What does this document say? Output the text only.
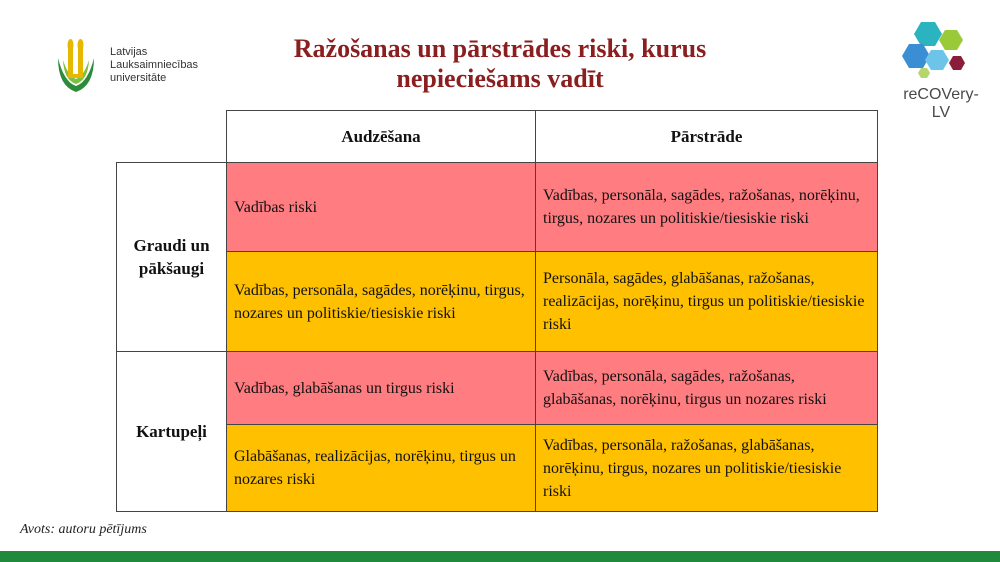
Latvijas
Lauksaimniecības
universitāte
Ražošanas un pārstrādes riski, kurus
nepieciešams vadīt
reCOVery-LV
	Audzēšana	Pārstrāde
Graudi un
pākšaugi	Vadības riski	Vadības, personāla, sagādes, ražošanas, norēķinu, tirgus, nozares un politiskie/tiesiskie riski
	Vadības, personāla, sagādes, norēķinu, tirgus, nozares un politiskie/tiesiskie riski	Personāla, sagādes, glabāšanas, ražošanas, realizācijas, norēķinu, tirgus un politiskie/tiesiskie riski
Kartupeļi	Vadības, glabāšanas un tirgus riski	Vadības, personāla, sagādes, ražošanas, glabāšanas, norēķinu, tirgus un nozares riski
	Glabāšanas, realizācijas, norēķinu, tirgus un nozares riski	Vadības, personāla, ražošanas, glabāšanas, norēķinu, tirgus, nozares un politiskie/tiesiskie riski
Avots: autoru pētījums
